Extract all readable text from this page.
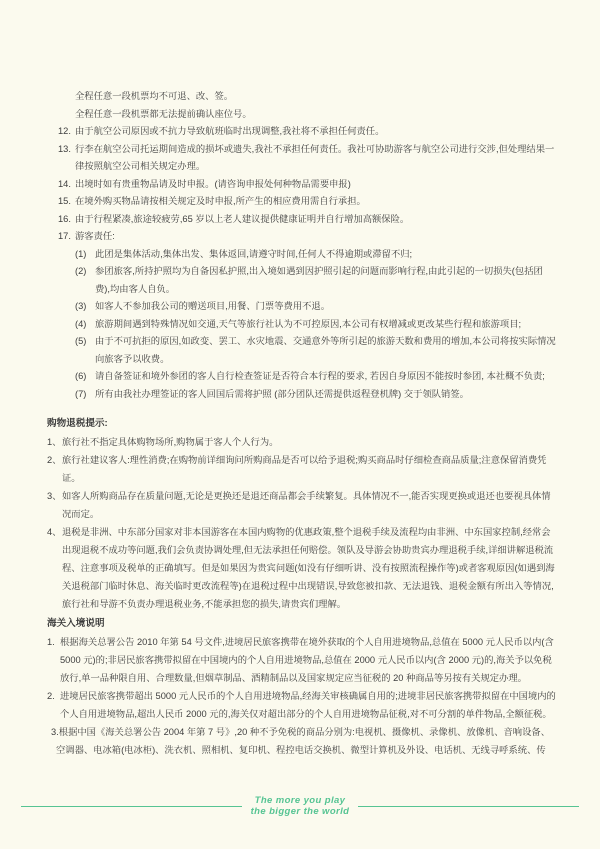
全程任意一段机票均不可退、改、签。
全程任意一段机票都无法提前确认座位号。
12. 由于航空公司原因或不抗力导致航班临时出现调整,我社将不承担任何责任。
13. 行李在航空公司托运期间造成的损坏或遗失,我社不承担任何责任。我社可协助游客与航空公司进行交涉,但处理结果一律按照航空公司相关规定办理。
14. 出境时如有贵重物品请及时申报。(请咨询申报处何种物品需要申报)
15. 在境外购买物品请按相关规定及时申报,所产生的相应费用需自行承担。
16. 由于行程紧凑,旅途较疲劳,65 岁以上老人建议提供健康证明并自行增加高额保险。
17. 游客责任:
(1) 此团是集体活动,集体出发、集体返回,请遵守时间,任何人不得逾期或滞留不归;
(2) 参团旅客,所持护照均为自备因私护照,出入境如遇到因护照引起的问题而影响行程,由此引起的一切损失(包括团费),均由客人自负。
(3) 如客人不参加我公司的赠送项目,用餐、门票等费用不退。
(4) 旅游期间遇到特殊情况如交通,天气等旅行社认为不可控原因,本公司有权增减或更改某些行程和旅游项目;
(5) 由于不可抗拒的原因,如政变、罢工、水灾地震、交通意外等所引起的旅游天数和费用的增加,本公司将按实际情况向旅客予以收费。
(6) 请自备签证和境外参团的客人自行检查签证是否符合本行程的要求, 若因自身原因不能按时参团, 本社概不负责;
(7) 所有由我社办理签证的客人回国后需将护照 (部分团队还需提供返程登机牌) 交于领队销签。
购物退税提示:
1、 旅行社不指定具体购物场所,购物属于客人个人行为。
2、 旅行社建议客人:理性消费;在购物前详细询问所购商品是否可以给予退税;购买商品时仔细检查商品质量;注意保留消费凭证。
3、 如客人所购商品存在质量问题,无论是更换还是退还商品都会手续繁复。具体情况不一,能否实现更换或退还也要视具体情况而定。
4、 退税是非洲、中东部分国家对非本国游客在本国内购物的优惠政策,整个退税手续及流程均由非洲、中东国家控制,经常会出现退税不成功等问题,我们会负责协调处理,但无法承担任何赔偿。领队及导游会协助贵宾办理退税手续,详细讲解退税流程、注意事项及税单的正确填写。但是如果因为贵宾问题(如没有仔细听讲、没有按照流程操作等)或者客观原因(如遇到海关退税部门临时休息、海关临时更改流程等)在退税过程中出现错误,导致您被扣款、无法退钱、退税金额有所出入等情况,旅行社和导游不负责办理退税业务,不能承担您的损失,请贵宾们理解。
海关入境说明
1. 根据海关总署公告 2010 年第 54 号文件,进境居民旅客携带在境外获取的个人自用进境物品,总值在 5000 元人民币以内(含 5000 元)的;非居民旅客携带拟留在中国境内的个人自用进境物品,总值在 2000 元人民币以内(含 2000 元)的,海关予以免税放行,单一品种限自用、合理数量,但烟草制品、酒精制品以及国家规定应当征税的 20 种商品等另按有关规定办理。
2. 进境居民旅客携带超出 5000 元人民币的个人自用进境物品,经海关审核确属自用的;进境非居民旅客携带拟留在中国境内的个人自用进境物品,超出人民币 2000 元的,海关仅对超出部分的个人自用进境物品征税,对不可分割的单件物品,全额征税。
3.根据中国《海关总署公告 2004 年第 7 号》,20 种不予免税的商品分别为:电视机、摄像机、录像机、放像机、音响设备、空调器、电冰箱(电冰柜)、洗衣机、照相机、复印机、程控电话交换机、微型计算机及外设、电话机、无线寻呼系统、传
The more you play
the bigger the world
